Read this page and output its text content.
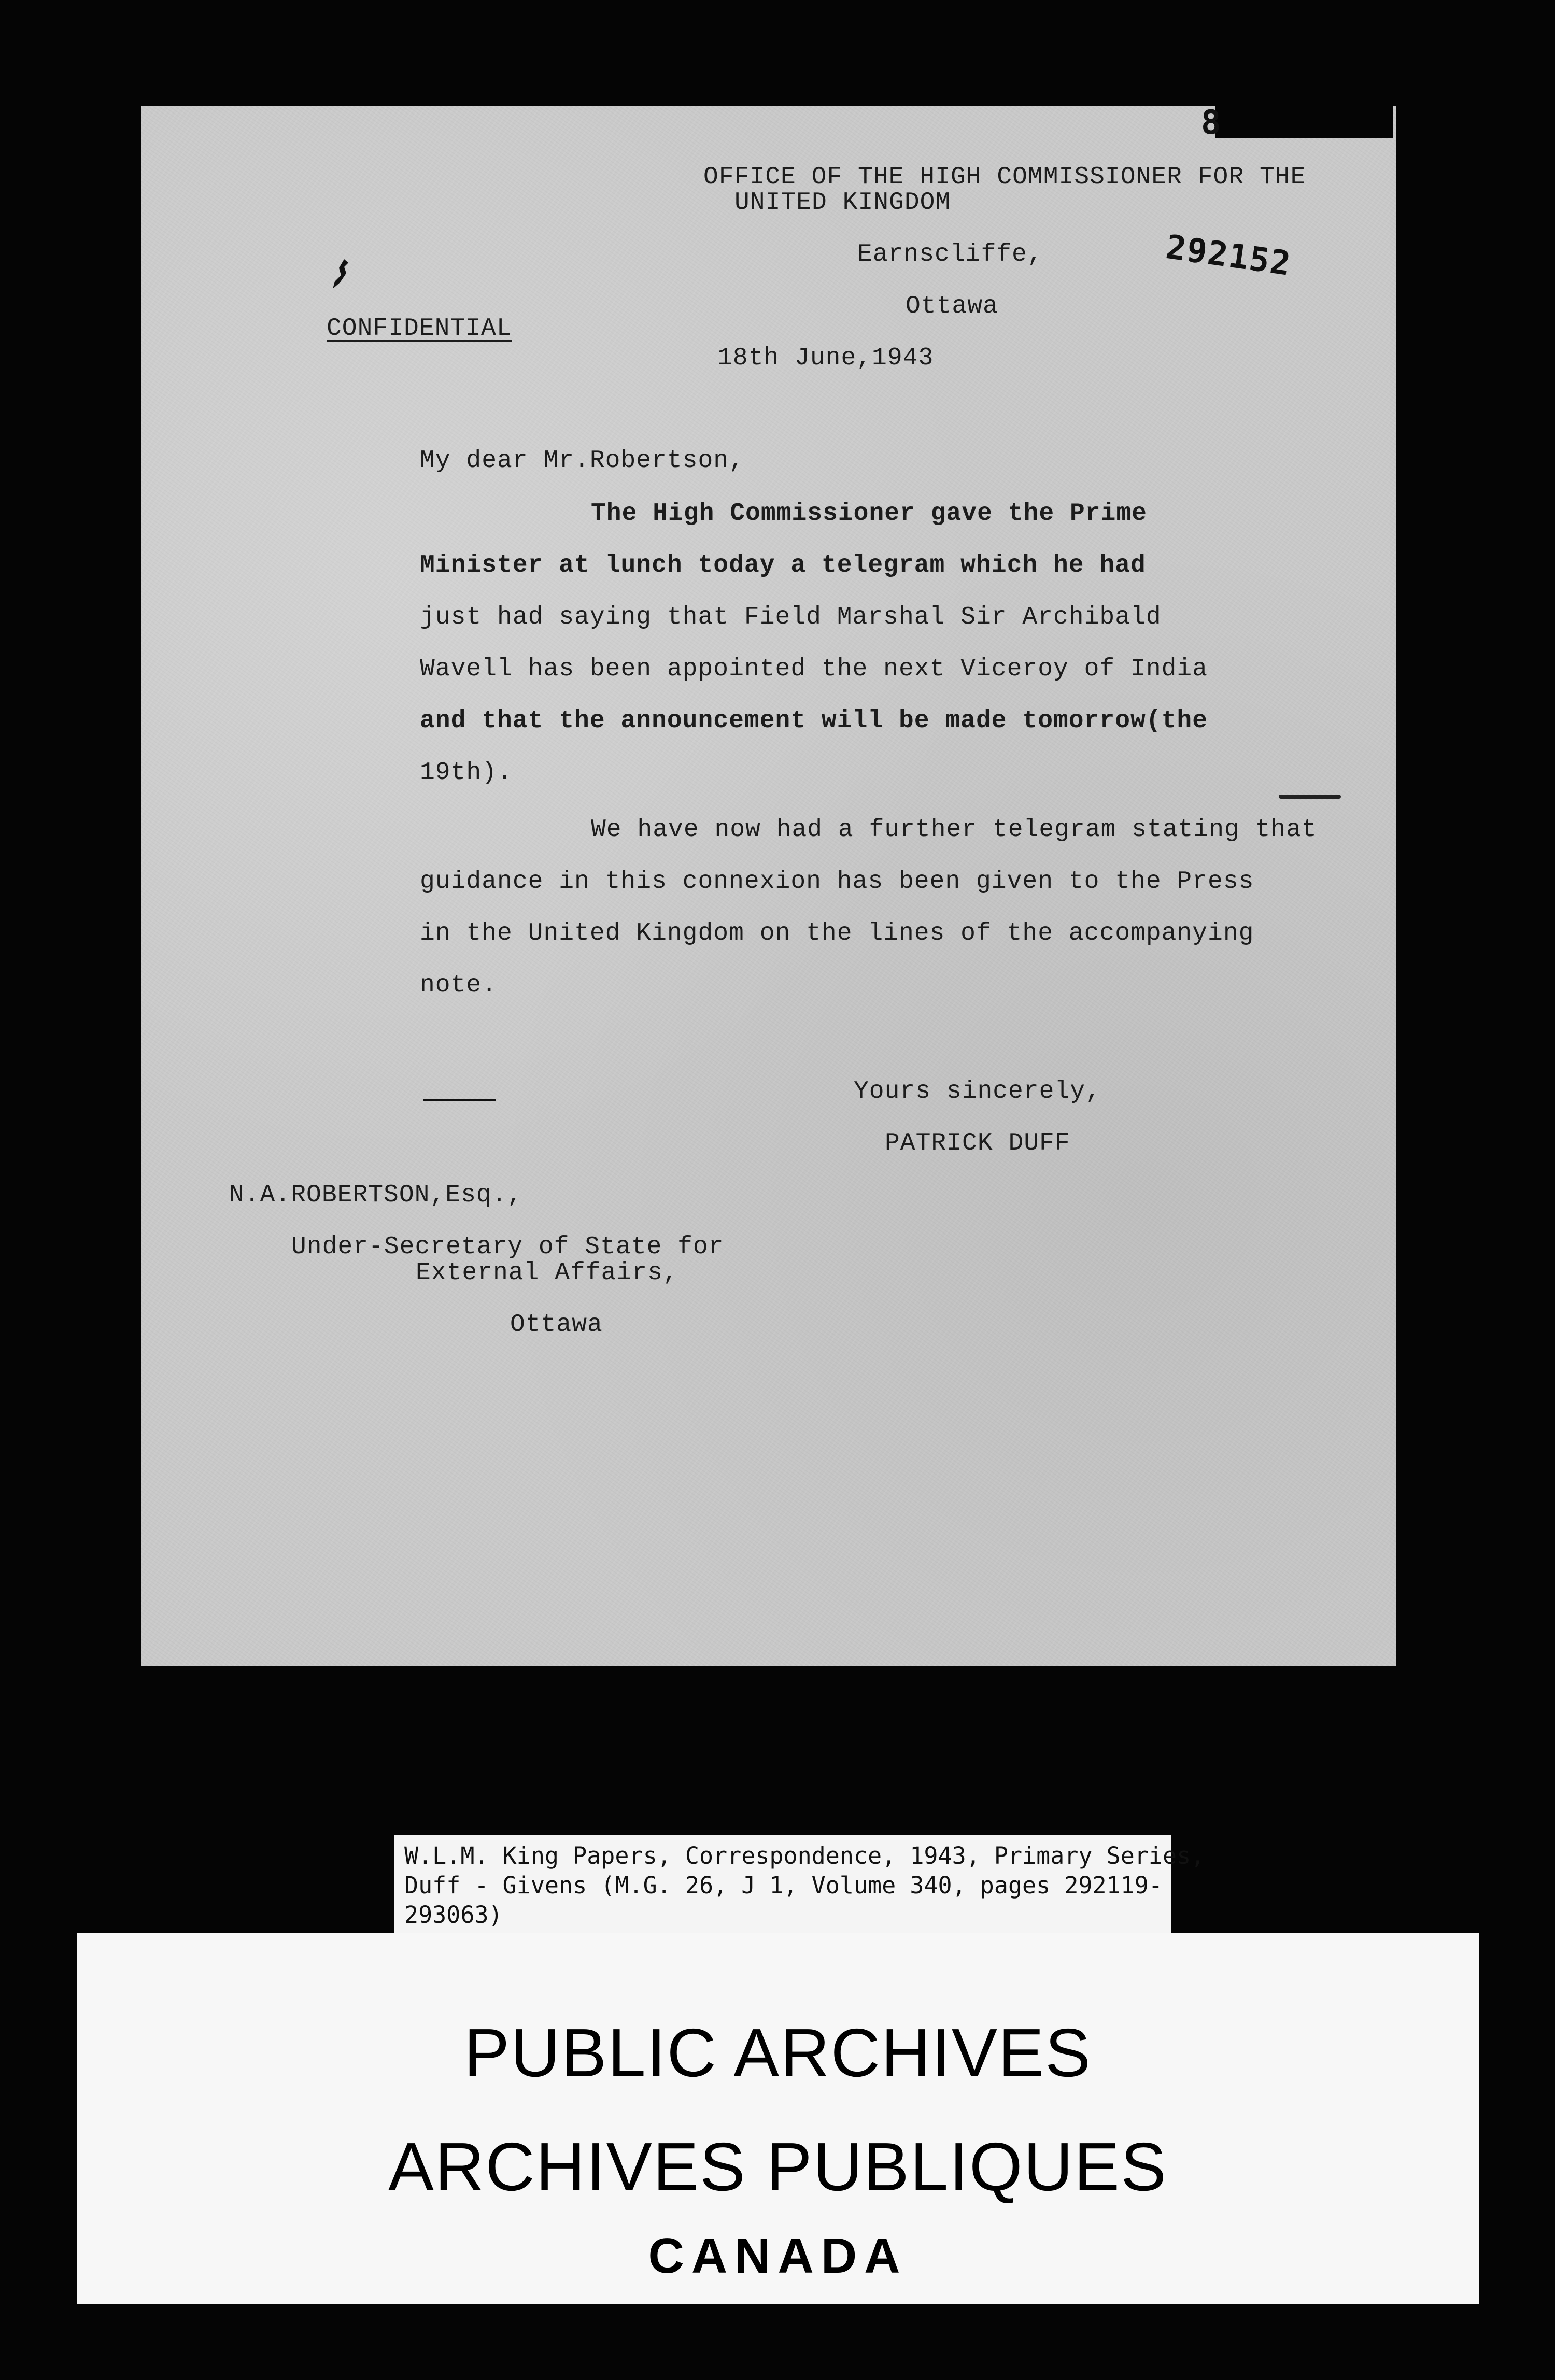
OFFICE OF THE HIGH COMMISSIONER FOR THE
UNITED KINGDOM
Earnscliffe,
Ottawa
CONFIDENTIAL
18th June,1943
My dear Mr.Robertson,
The High Commissioner gave the Prime
Minister at lunch today a telegram which he had
just had saying that Field Marshal Sir Archibald
Wavell has been appointed the next Viceroy of India
and that the announcement will be made tomorrow(the
19th).
We have now had a further telegram stating that
guidance in this connexion has been given to the Press
in the United Kingdom on the lines of the accompanying
note.
Yours sincerely,
PATRICK DUFF
N.A.ROBERTSON,Esq.,
Under-Secretary of State for
External Affairs,
Ottawa
8
292152
W.L.M. King Papers, Correspondence, 1943, Primary Series,
Duff - Givens (M.G. 26, J 1, Volume 340, pages 292119-
293063)
PUBLIC ARCHIVES
ARCHIVES PUBLIQUES
CANADA
